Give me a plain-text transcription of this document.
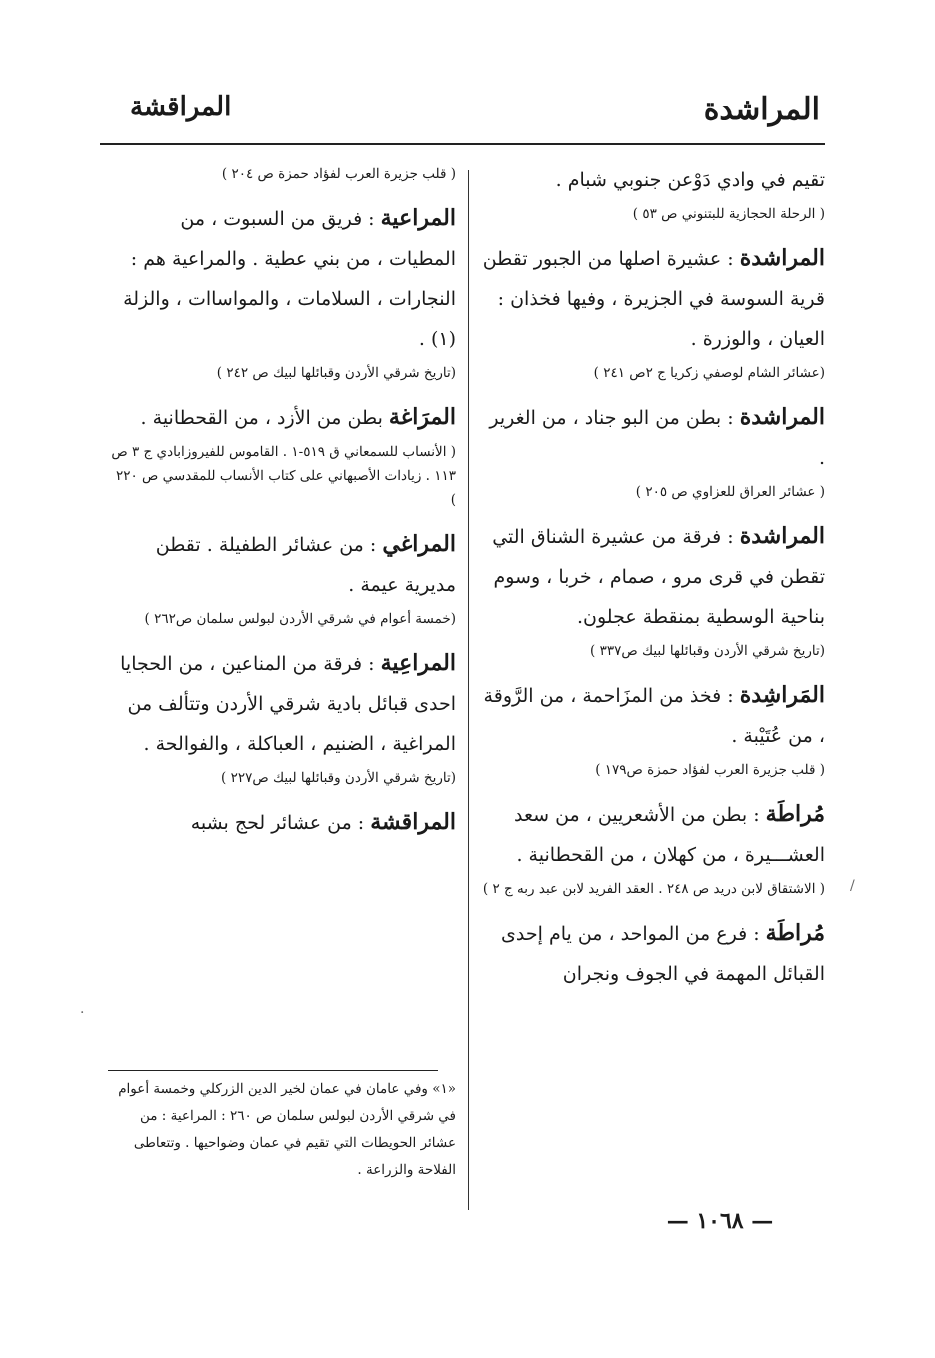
المراشدة
المراقشة
تقيم في وادي دَوْعن جنوبي شبام .
( الرحلة الحجازية للبتنوني ص ٥٣ )
المراشدة : عشيرة اصلها من الجبور تقطن قرية السوسة في الجزيرة ، وفيها فخذان : العيان ، والوزرة .
(عشائر الشام لوصفي زكريا ج ٢ص ٢٤١ )
المراشدة : بطن من البو جناد ، من الغرير .
( عشائر العراق للعزاوي ص ٢٠٥ )
المراشدة : فرقة من عشيرة الشناق التي تقطن في قرى مرو ، صمام ، خربا ، وسوم بناحية الوسطية بمنقطة عجلون.
(تاريخ شرقي الأردن وقبائلها لبيك ص٣٣٧ )
المَراشِدة : فخذ من المزَاحمة ، من الرَّوقة ، من عُتَيْبة .
( قلب جزيرة العرب لفؤاد حمزة ص١٧٩ )
مُراطَة : بطن من الأشعريين ، من سعد العشـــيرة ، من كهلان ، من القحطانية .
( الاشتقاق لابن دريد ص ٢٤٨ . العقد الفريد لابن عبد ربه ج ٢ )
مُراطَة : فرع من المواحد ، من يام إحدى القبائل المهمة في الجوف ونجران
( قلب جزيرة العرب لفؤاد حمزة ص ٢٠٤ )
المراعية : فريق من السبوت ، من المطيات ، من بني عطية . والمراعية هم : النجارات ، السلامات ، والمواساات ، والزلة (١) .
(تاريخ شرقي الأردن وقبائلها لبيك ص ٢٤٢ )
المرَاغة بطن من الأزد ، من القحطانية .
( الأنساب للسمعاني ق ٥١٩-١ . القاموس للفيروزابادي ج ٣ ص ١١٣ . زيادات الأصبهاني على كتاب الأنساب للمقدسي ص ٢٢٠ )
المراغي : من عشائر الطفيلة . تقطن مديرية عيمة .
(خمسة أعوام في شرقي الأردن لبولس سلمان ص٢٦٢ )
المراعِية : فرقة من المناعين ، من الحجايا احدى قبائل بادية شرقي الأردن وتتألف من المراغية ، الضنيم ، العباكلة ، والفوالحة .
(تاريخ شرقي الأردن وقبائلها لبيك ص٢٢٧ )
المراقشة : من عشائر لحج بشبه
«١» وفي عامان في عمان لخير الدين الزركلي وخمسة أعوام في شرقي الأردن لبولس سلمان ص ٢٦٠ : المراعية : من عشائر الحويطات التي تقيم في عمان وضواحيها . وتتعاطى الفلاحة والزراعة .
— ١٠٦٨ —
/
·
